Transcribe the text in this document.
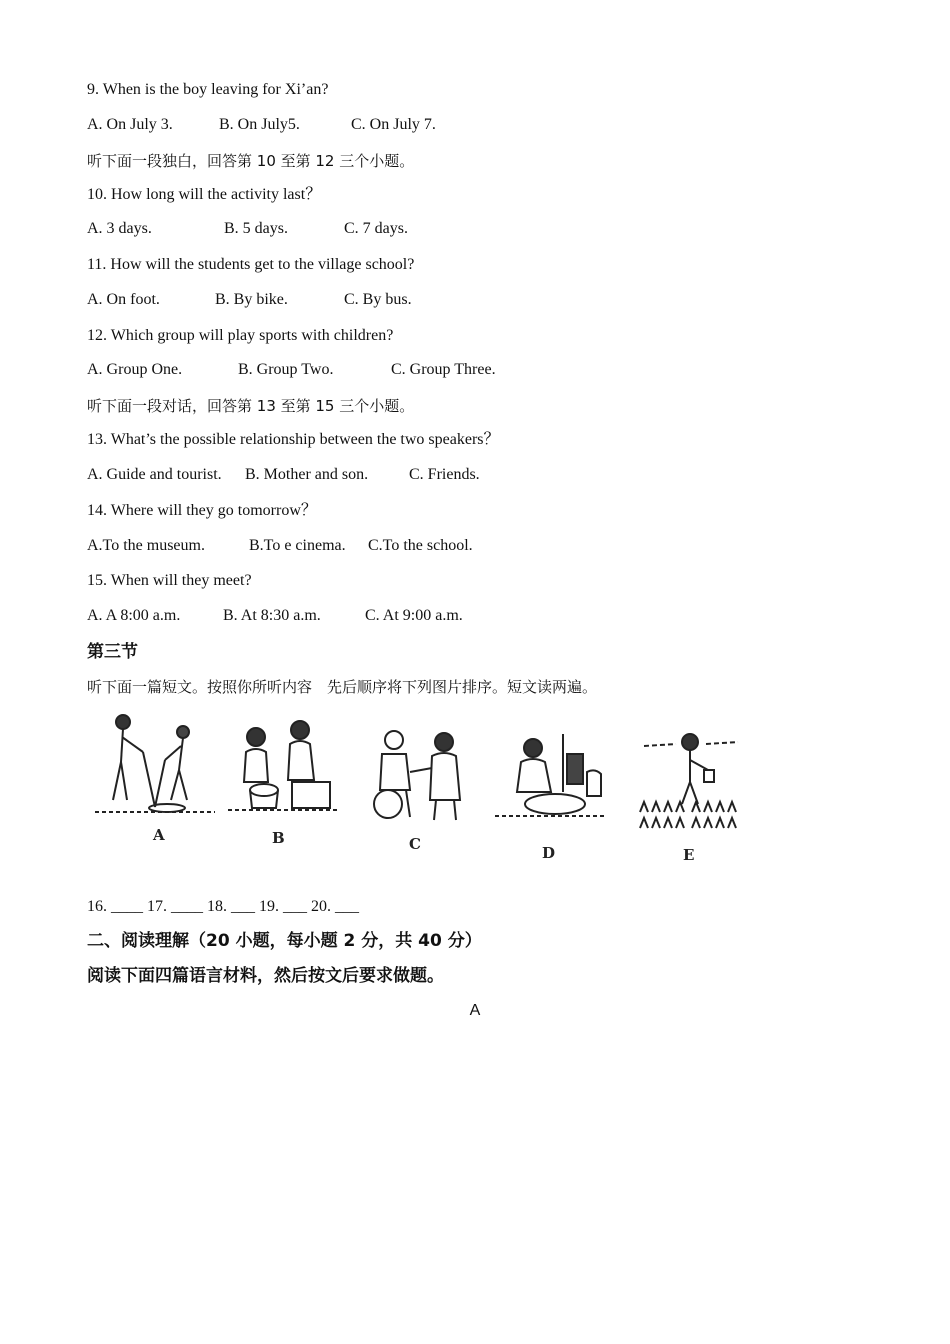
9. When is the boy leaving for Xi’an?
A. On July 3.	B. On July5.	C. On July 7.
听下面一段独白，回答第 10 至第 12 三个小题。
10. How long will the activity last？
A. 3 days.	B. 5 days.	C. 7 days.
11. How will the students get to the village school?
A. On foot.	B. By bike.	C. By bus.
12. Which group will play sports with children?
A. Group One.	B. Group Two.	C. Group Three.
听下面一段对话，回答第 13 至第 15 三个小题。
13. What’s the possible relationship between the two speakers？
A. Guide and tourist. B. Mother and son.	C. Friends.
14. Where will they go tomorrow？
A.To the museum.	B.To e cinema. C.To the school.
15. When will they meet?
A. A 8:00 a.m.	B. At 8:30 a.m.	C. At 9:00 a.m.
第三节
听下面一篇短文。按照你所听内容　先后顺序将下列图片排序。短文读两遍。
A	B	C	D	E
16. ____ 17. ____ 18. ___ 19. ___ 20. ___
二、阅读理解（20 小题，每小题 2 分，共 40 分）
阅读下面四篇语言材料，然后按文后要求做题。
A
